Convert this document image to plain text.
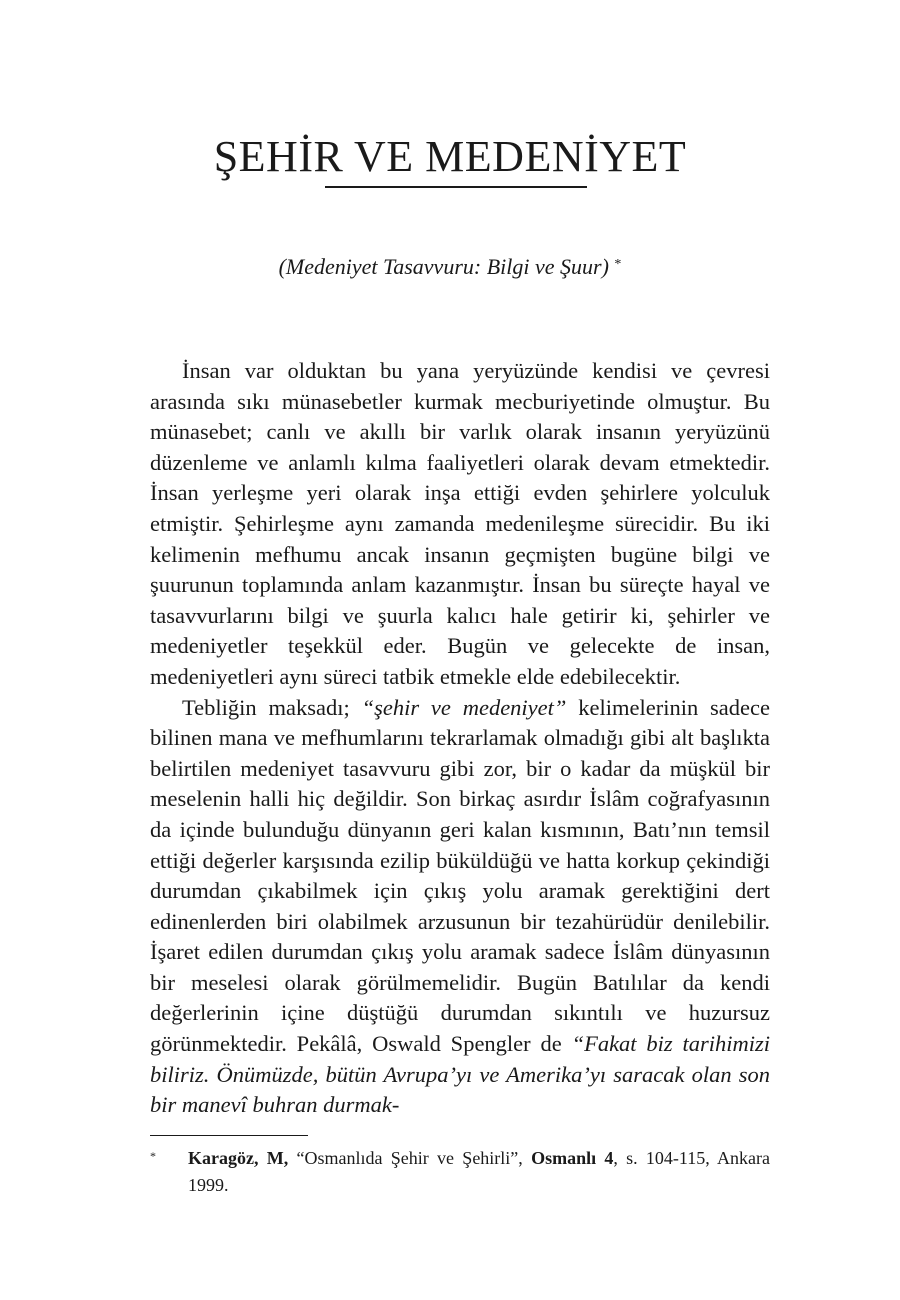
ŞEHİR VE MEDENİYET
(Medeniyet Tasavvuru: Bilgi ve Şuur) *

İnsan var olduktan bu yana yeryüzünde kendisi ve çevresi arasında sıkı münasebetler kurmak mecburiyetinde olmuştur. Bu münasebet; canlı ve akıllı bir varlık olarak insanın yeryüzünü düzenleme ve anlamlı kılma faaliyetleri olarak devam etmektedir. İnsan yerleşme yeri olarak inşa ettiği evden şehirlere yolculuk etmiştir. Şehirleşme aynı zamanda medenileşme sürecidir. Bu iki kelimenin mefhumu ancak insanın geçmişten bugüne bilgi ve şuurunun toplamında anlam kazanmıştır. İnsan bu süreçte hayal ve tasavvurlarını bilgi ve şuurla kalıcı hale getirir ki, şehirler ve medeniyetler teşekkül eder. Bugün ve gelecekte de insan, medeniyetleri aynı süreci tatbik etmekle elde edebilecektir.

Tebliğin maksadı; “şehir ve medeniyet” kelimelerinin sadece bilinen mana ve mefhumlarını tekrarlamak olmadığı gibi alt başlıkta belirtilen medeniyet tasavvuru gibi zor, bir o kadar da müşkül bir meselenin halli hiç değildir. Son birkaç asırdır İslâm coğrafyasının da içinde bulunduğu dünyanın geri kalan kısmının, Batı’nın temsil ettiği değerler karşısında ezilip büküldüğü ve hatta korkup çekindiği durumdan çıkabilmek için çıkış yolu aramak gerektiğini dert edinenlerden biri olabilmek arzusunun bir tezahürüdür denilebilir. İşaret edilen durumdan çıkış yolu aramak sadece İslâm dünyasının bir meselesi olarak görülmemelidir. Bugün Batılılar da kendi değerlerinin içine düştüğü durumdan sıkıntılı ve huzursuz görünmektedir. Pekâlâ, Oswald Spengler de “Fakat biz tarihimizi biliriz. Önümüzde, bütün Avrupa’yı ve Amerika’yı saracak olan son bir manevî buhran durmak-

* Karagöz, M, “Osmanlıda Şehir ve Şehirli”, Osmanlı 4, s. 104-115, Ankara 1999.
